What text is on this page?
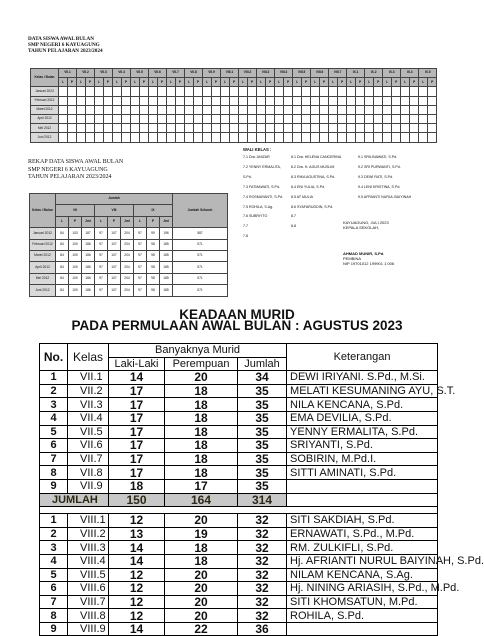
DATA SISWA AWAL BULAN
SMP NEGERI 6 KAYUAGUNG
TAHUN PELAJARAN 2023/2024
Kelas / Bulan	VII.1		VII.2		VII.3		VII.4		VII.5		VII.6		VII.7		VII.8		VII.9		VIII.1		VIII.2		VIII.3		VIII.4		VIII.5		VIII.6		VIII.7		IX.1		IX.2		IX.3		IX.4		IX.5	
	L	P	L	P	L	P	L	P	L	P	L	P	L	P	L	P	L	P	L	P	L	P	L	P	L	P	L	P	L	P	L	P	L	P	L	P	L	P	L	P	L	P
Januari 2023																																										
Februari 2012																																										
Maret 2012																																										
April 2012																																										
Mei 2012																																										
Juni 2012																																										
REKAP DATA SISWA AWAL BULAN
SMP NEGERI 6 KAYUAGUNG
TAHUN PELAJARAN 2023/2024
Kelas / Bulan	Jumlah									Jumlah Seluruh
	VII			VIII			IX			
	L	P	Jml	L	P	Jml	L	P	Jml	
Januari 2012	84	103	187	97	107	204	97	99	196	587
Februari 2012	84	100	186	97	107	204	97	98	185	571
Maret 2012	84	100	186	97	107	204	97	98	185	571
April 2012	84	100	186	97	107	204	97	98	185	571
Mei 2012	84	100	186	97	107	204	97	98	185	571
Juni 2012	84	100	186	97	107	204	97	98	185	571
WALI KELAS :
7.1 Dra. ANIZAR
7.2 YENNY ERMALITA, S.Pd.
7.3 FATMAWATI, S.Pd.
7.4 ROSMAYANTI, S.Pd.
7.5 ROHILA, S.Ag.
7.6 SUBRIYTO
7.7
7.8
8.1 Dra. HELENA CANCERINA
8.2 Dra. H. AGUS MUSLIM
8.3 RIKA AGUSTINA, S.Pd.
8.4 ENI YULIA, S.Pd.
8.5 AT MULIA
8.6 SYAFARUDDIN, S.Pd.
8.7
8.8
9.1 SRILINAWATI, S.Pd.
9.2 SRI PURWANTI, S.Pd.
9.3 DEWI RATI, S.Pd.
9.4 LENI KRISTINA, S.Pd.
9.5 AFRIANTI NURUL BAIYINAH
KAYUAGUNG, JULI 2023
KEPALA SEKOLAH,
AHMAD MUNIR, S.Pd.
PEMBINA
NIP 19701012 199901 1 006
KEADAAN MURID
PADA PERMULAAN AWAL BULAN : AGUSTUS 2023
No.	Kelas	Banyaknya Murid			Keterangan
		Laki-Laki	Perempuan	Jumlah	
1	VII.1	14	20	34	DEWI IRIYANI. S.Pd., M.Si.
2	VII.2	17	18	35	MELATI KESUMANING AYU, S.T.
3	VII.3	17	18	35	NILA KENCANA, S.Pd.
4	VII.4	17	18	35	EMA DEVILIA, S.Pd.
5	VII.5	17	18	35	YENNY ERMALITA, S.Pd.
6	VII.6	17	18	35	SRIYANTI, S.Pd.
7	VII.7	17	18	35	SOBIRIN, M.Pd.I.
8	VII.8	17	18	35	SITTI AMINATI, S.Pd.
9	VII.9	18	17	35	
JUMLAH		150	164	314	

1	VIII.1	12	20	32	SITI SAKDIAH, S.Pd.
2	VIII.2	13	19	32	ERNAWATI, S.Pd., M.Pd.
3	VIII.3	14	18	32	RM. ZULKIFLI, S.Pd.
4	VIII.4	14	18	32	Hj. AFRIANTI NURUL BAIYINAH, S.Pd.
5	VIII.5	12	20	32	NILAM KENCANA, S.Ag.
6	VIII.6	12	20	32	Hj. NINING ARIASIH, S.Pd., M.Pd.
7	VIII.7	12	20	32	SITI KHOMSATUN, M.Pd.
8	VIII.8	12	20	32	ROHILA, S.Pd.
9	VIII.9	14	22	36	
